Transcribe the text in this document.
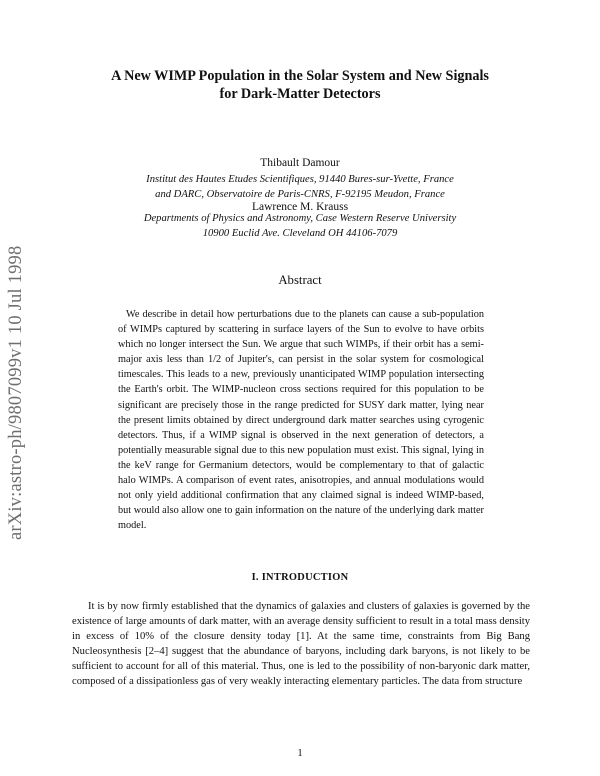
arXiv:astro-ph/9807099v1 10 Jul 1998
A New WIMP Population in the Solar System and New Signals
for Dark-Matter Detectors
Thibault Damour
Institut des Hautes Etudes Scientifiques, 91440 Bures-sur-Yvette, France
and DARC, Observatoire de Paris-CNRS, F-92195 Meudon, France
Lawrence M. Krauss
Departments of Physics and Astronomy, Case Western Reserve University
10900 Euclid Ave. Cleveland OH 44106-7079
Abstract

We describe in detail how perturbations due to the planets can cause a sub-population of WIMPs captured by scattering in surface layers of the Sun to evolve to have orbits which no longer intersect the Sun. We argue that such WIMPs, if their orbit has a semi-major axis less than 1/2 of Jupiter's, can persist in the solar system for cosmological timescales. This leads to a new, previously unanticipated WIMP population intersecting the Earth's orbit. The WIMP-nucleon cross sections required for this population to be significant are precisely those in the range predicted for SUSY dark matter, lying near the present limits obtained by direct underground dark matter searches using cyrogenic detectors. Thus, if a WIMP signal is observed in the next generation of detectors, a potentially measurable signal due to this new population must exist. This signal, lying in the keV range for Germanium detectors, would be complementary to that of galactic halo WIMPs. A comparison of event rates, anisotropies, and annual modulations would not only yield additional confirmation that any claimed signal is indeed WIMP-based, but would also allow one to gain information on the nature of the underlying dark matter model.

I. INTRODUCTION

It is by now firmly established that the dynamics of galaxies and clusters of galaxies is governed by the existence of large amounts of dark matter, with an average density sufficient to result in a total mass density in excess of 10% of the closure density today [1]. At the same time, constraints from Big Bang Nucleosynthesis [2–4] suggest that the abundance of baryons, including dark baryons, is not likely to be sufficient to account for all of this material. Thus, one is led to the possibility of non-baryonic dark matter, composed of a dissipationless gas of very weakly interacting elementary particles. The data from structure

1
